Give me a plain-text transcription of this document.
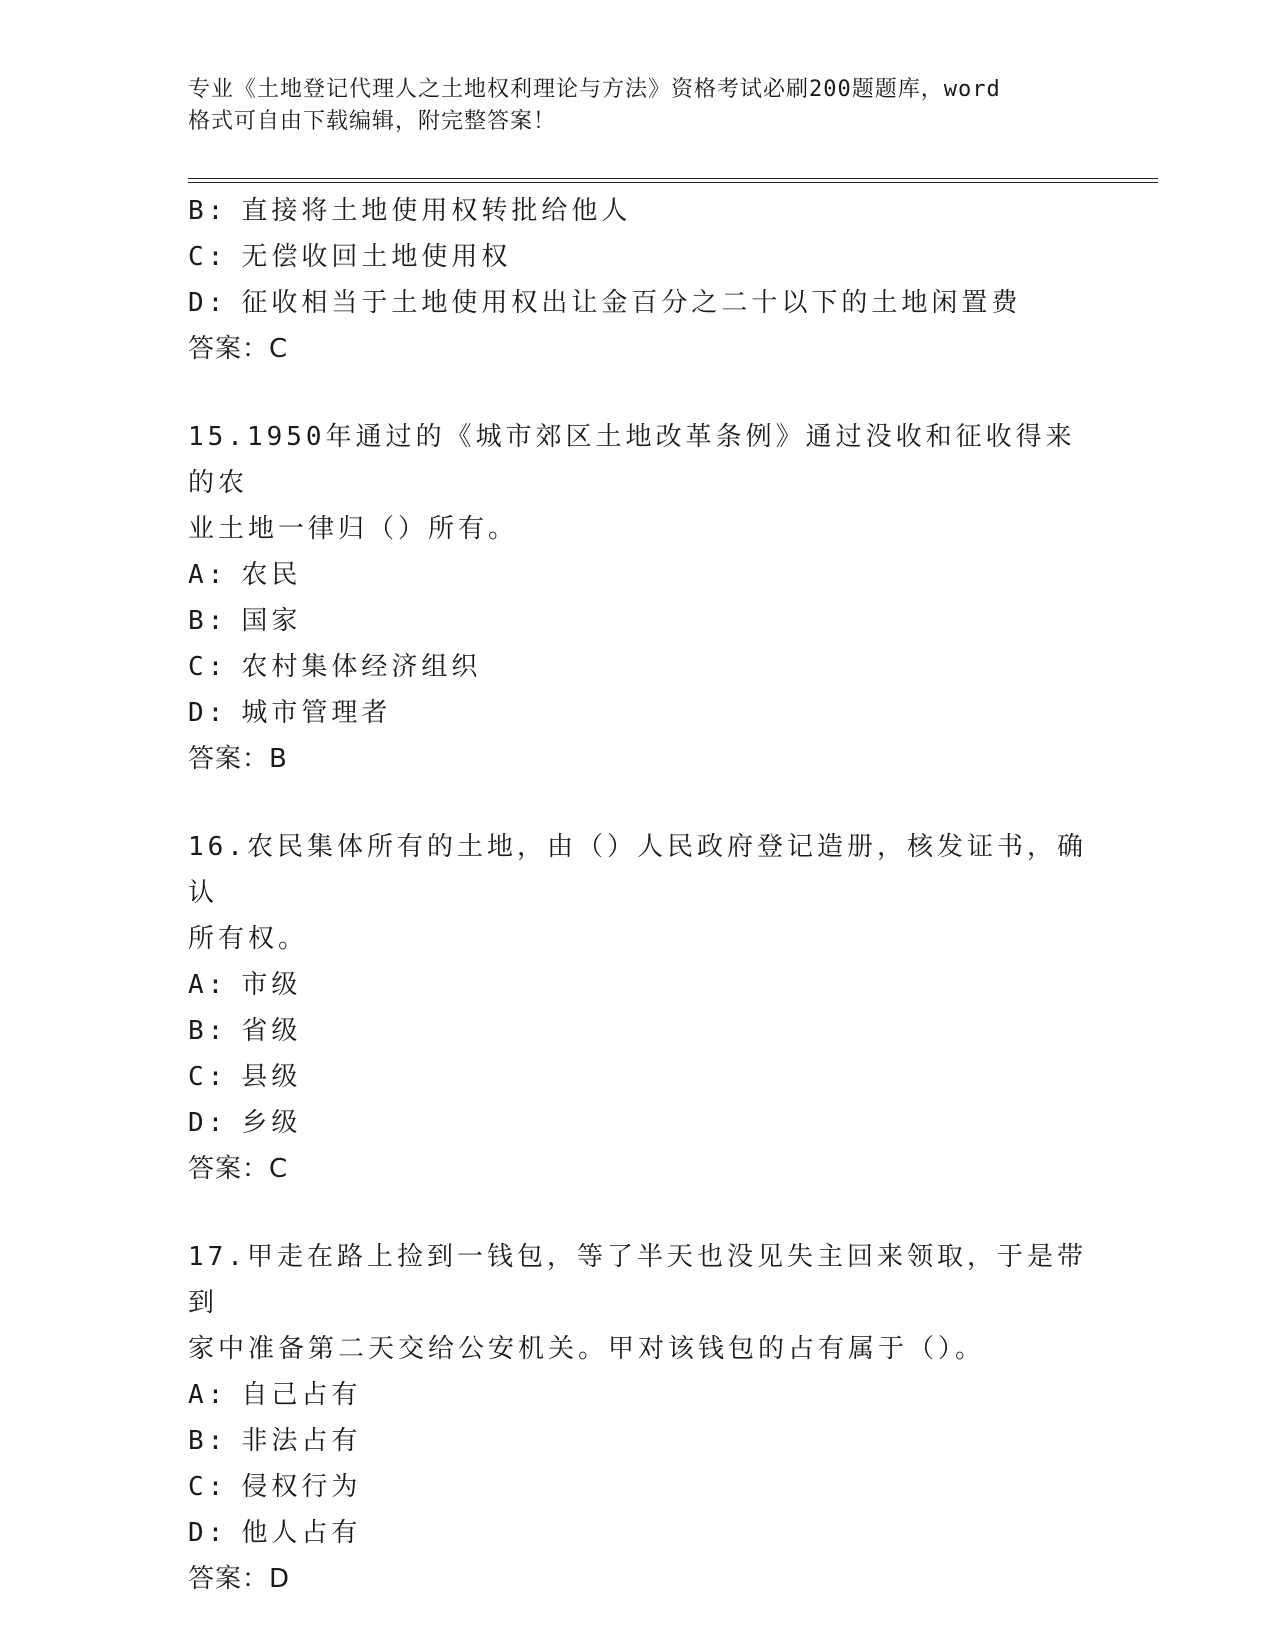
专业《土地登记代理人之土地权利理论与方法》资格考试必刷200题题库，word
格式可自由下载编辑，附完整答案！
B: 直接将土地使用权转批给他人
C: 无偿收回土地使用权
D: 征收相当于土地使用权出让金百分之二十以下的土地闲置费
答案：C
15.1950年通过的《城市郊区土地改革条例》通过没收和征收得来的农
业土地一律归（）所有。
A: 农民
B: 国家
C: 农村集体经济组织
D: 城市管理者
答案：B
16.农民集体所有的土地，由（）人民政府登记造册，核发证书，确认
所有权。
A: 市级
B: 省级
C: 县级
D: 乡级
答案：C
17.甲走在路上捡到一钱包，等了半天也没见失主回来领取，于是带到
家中准备第二天交给公安机关。甲对该钱包的占有属于（）。
A: 自己占有
B: 非法占有
C: 侵权行为
D: 他人占有
答案：D
